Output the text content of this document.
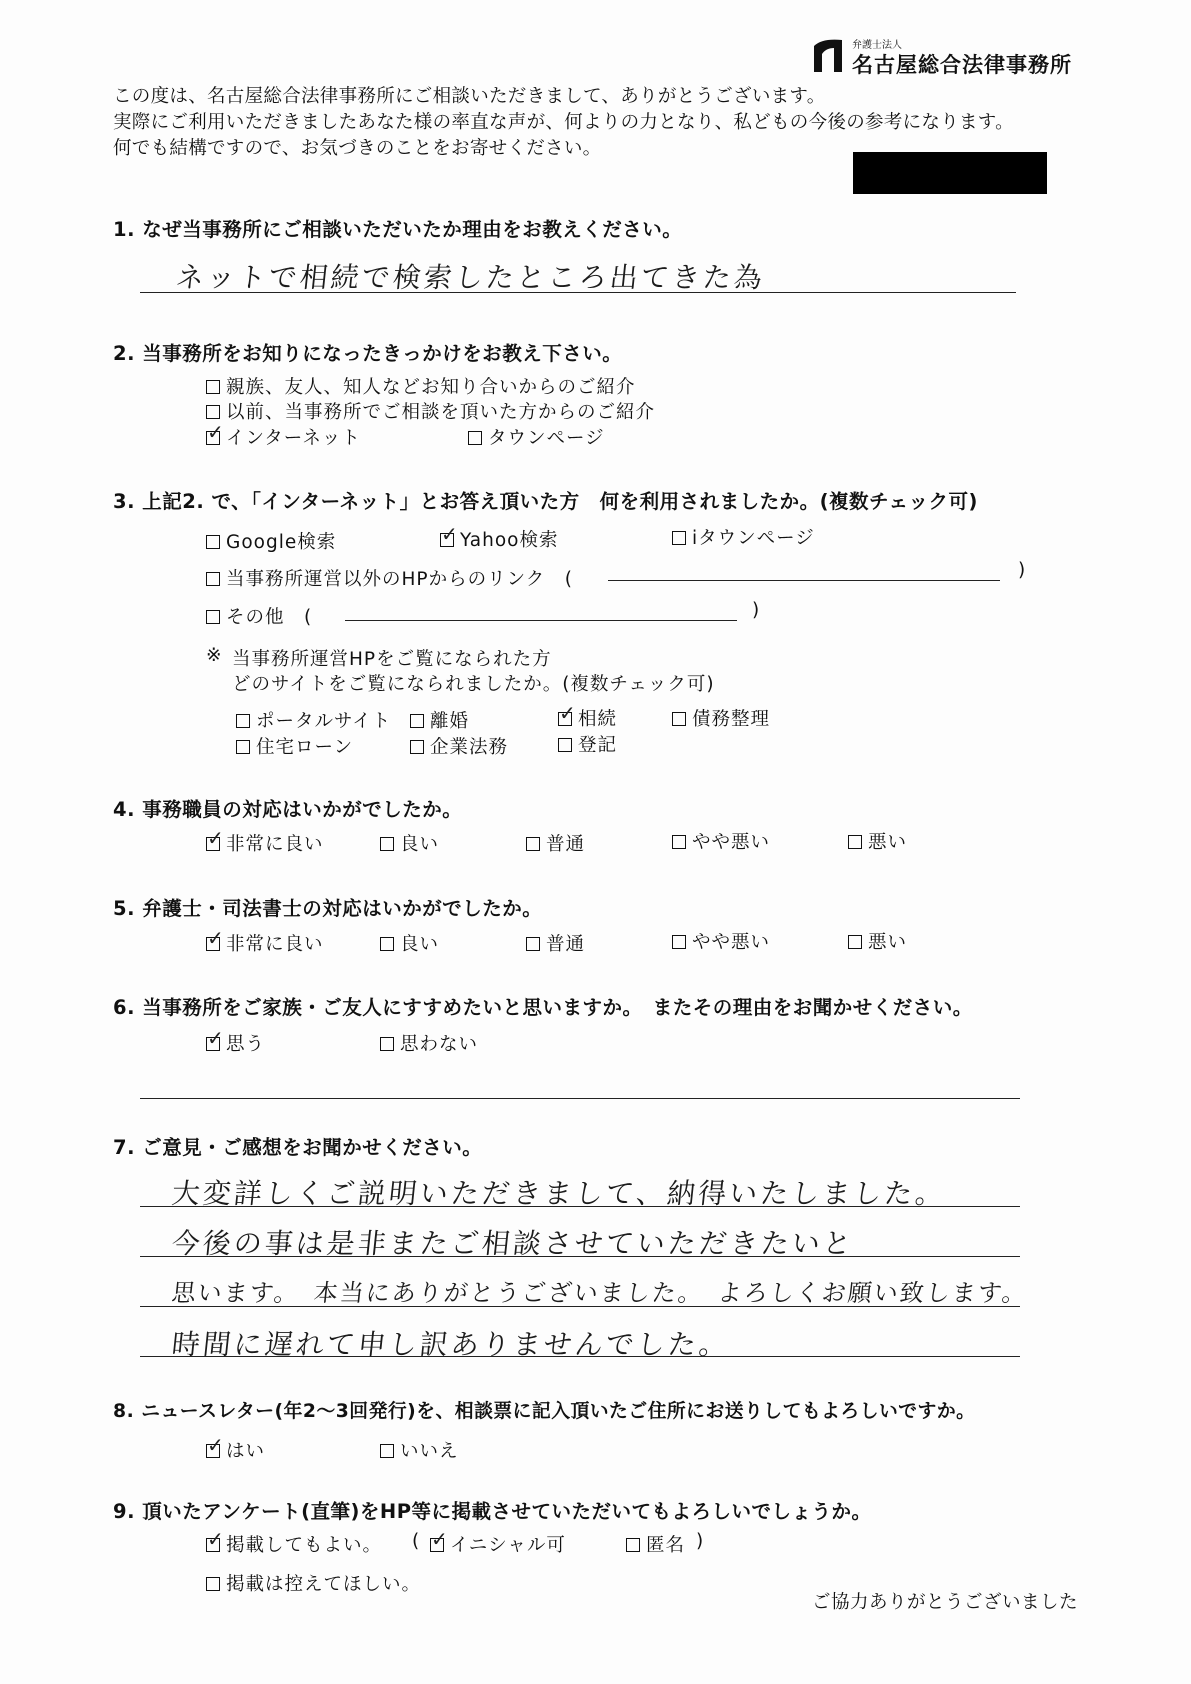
弁護士法人
名古屋総合法律事務所
この度は、名古屋総合法律事務所にご相談いただきまして、ありがとうございます。
実際にご利用いただきましたあなた様の率直な声が、何よりの力となり、私どもの今後の参考になります。
何でも結構ですので、お気づきのことをお寄せください。
1. なぜ当事務所にご相談いただいたか理由をお教えください。
ネットで相続で検索したところ出てきた為
2. 当事務所をお知りになったきっかけをお教え下さい。
親族、友人、知人などお知り合いからのご紹介
以前、当事務所でご相談を頂いた方からのご紹介
✓ インターネット	タウンページ
3. 上記2. で、「インターネット」とお答え頂いた方　何を利用されましたか。(複数チェック可)
Google検索	✓ Yahoo検索	iタウンページ
当事務所運営以外のHPからのリンク　(	)
その他　(	)
※ 当事務所運営HPをご覧になられた方
どのサイトをご覧になられましたか。(複数チェック可)
ポータルサイト	離婚	✓ 相続	債務整理
住宅ローン	企業法務	登記
4. 事務職員の対応はいかがでしたか。
✓ 非常に良い	良い	普通	やや悪い	悪い
5. 弁護士・司法書士の対応はいかがでしたか。
✓ 非常に良い	良い	普通	やや悪い	悪い
6. 当事務所をご家族・ご友人にすすめたいと思いますか。　またその理由をお聞かせください。
✓ 思う	思わない
7. ご意見・ご感想をお聞かせください。
大変詳しくご説明いただきまして、納得いたしました。
今後の事は是非またご相談させていただきたいと
思います。　本当にありがとうございました。　よろしくお願い致します。
時間に遅れて申し訳ありませんでした。
8. ニュースレター(年2〜3回発行)を、相談票に記入頂いたご住所にお送りしてもよろしいですか。
✓ はい	いいえ
9. 頂いたアンケート(直筆)をHP等に掲載させていただいてもよろしいでしょうか。
✓ 掲載してもよい。 ( ✓ イニシャル可	匿名 )
掲載は控えてほしい。
ご協力ありがとうございました
